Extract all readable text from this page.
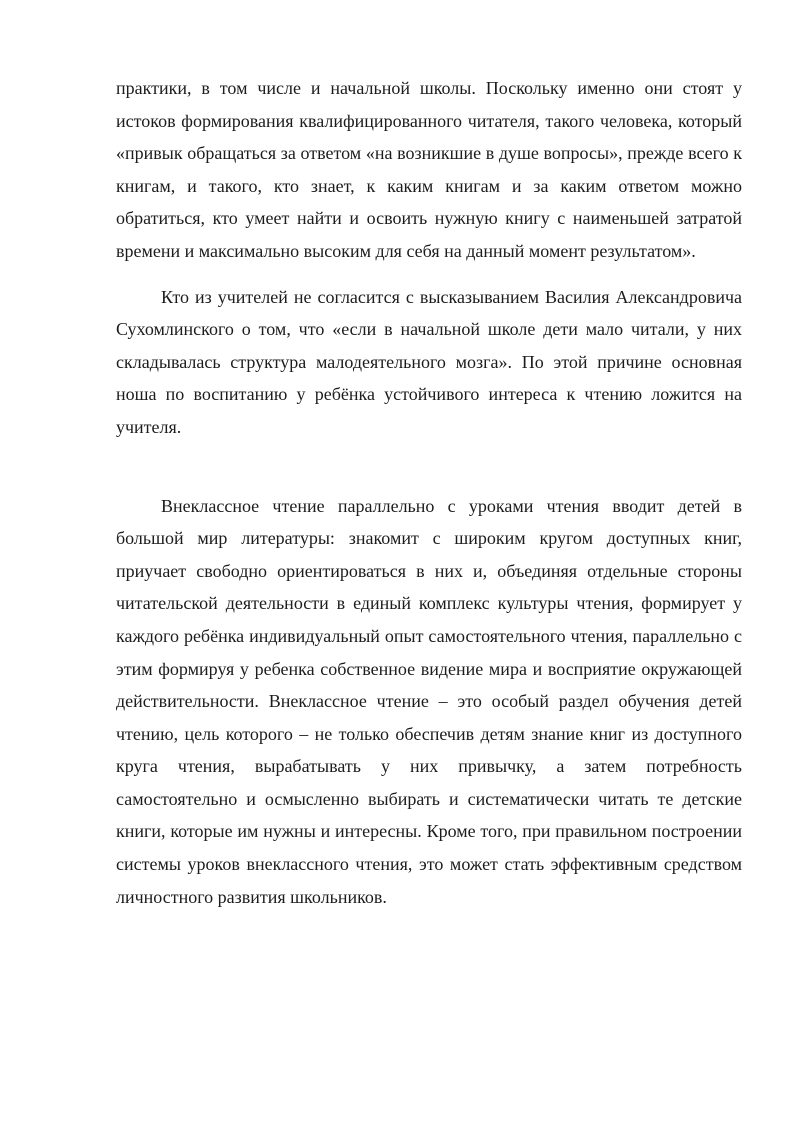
практики, в том числе и начальной школы. Поскольку именно они стоят у истоков формирования квалифицированного читателя, такого человека, который «привык обращаться за ответом «на возникшие в душе вопросы», прежде всего к книгам, и такого, кто знает, к каким книгам и за каким ответом можно обратиться, кто умеет найти и освоить нужную книгу с наименьшей затратой времени и максимально высоким для себя на данный момент результатом».

Кто из учителей не согласится с высказыванием Василия Александровича Сухомлинского о том, что «если в начальной школе дети мало читали, у них складывалась структура малодеятельного мозга». По этой причине основная ноша по воспитанию у ребёнка устойчивого интереса к чтению ложится на учителя.

Внеклассное чтение параллельно с уроками чтения вводит детей в большой мир литературы: знакомит с широким кругом доступных книг, приучает свободно ориентироваться в них и, объединяя отдельные стороны читательской деятельности в единый комплекс культуры чтения, формирует у каждого ребёнка индивидуальный опыт самостоятельного чтения, параллельно с этим формируя у ребенка собственное видение мира и восприятие окружающей действительности. Внеклассное чтение – это особый раздел обучения детей чтению, цель которого – не только обеспечив детям знание книг из доступного круга чтения, вырабатывать у них привычку, а затем потребность самостоятельно и осмысленно выбирать и систематически читать те детские книги, которые им нужны и интересны. Кроме того, при правильном построении системы уроков внеклассного чтения, это может стать эффективным средством личностного развития школьников.
